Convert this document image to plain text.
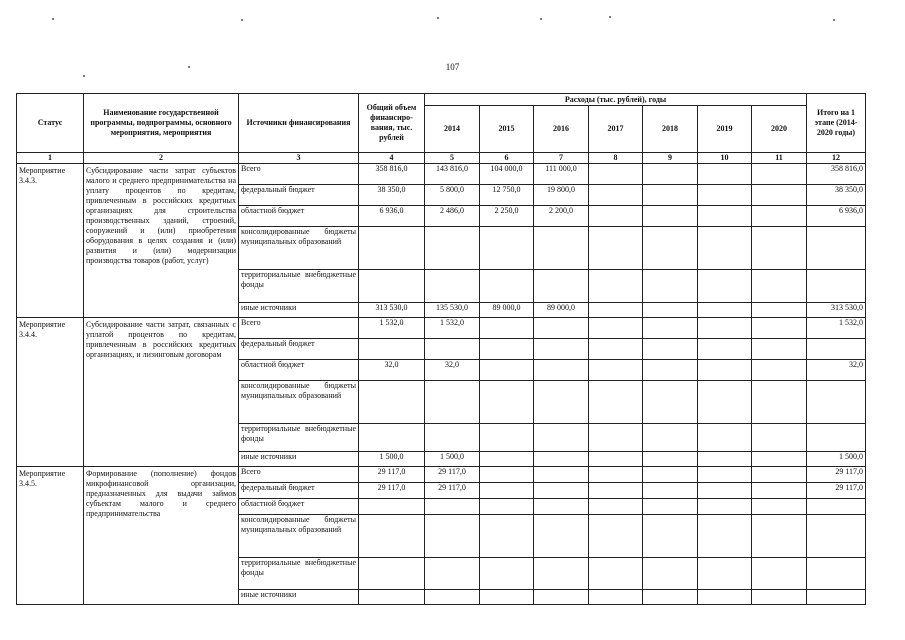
107
Статус	Наименование государственной программы, подпрограммы, основного мероприятия, мероприятия	Источники финансирования	Общий объем финансиро-вания, тыс. рублей	Расходы (тыс. рублей), годы							Итого на 1 этапе (2014-2020 годы)
				2014	2015	2016	2017	2018	2019	2020	
1	2	3	4	5	6	7	8	9	10	11	12
Мероприятие 3.4.3.	Субсидирование части затрат субъектов малого и среднего предпринимательства на уплату процентов по кредитам, привлеченным в российских кредитных организациях для строительства производственных зданий, строений, сооружений и (или) приобретения оборудования в целях создания и (или) развития и (или) модернизации производства товаров (работ, услуг)	Всего	358 816,0	143 816,0	104 000,0	111 000,0					358 816,0
		федеральный бюджет	38 350,0	5 800,0	12 750,0	19 800,0					38 350,0
		областной бюджет	6 936,0	2 486,0	2 250,0	2 200,0					6 936,0
		консолидированные бюджеты муниципальных образований									
		территориальные внебюджетные фонды									
		иные источники	313 530,0	135 530,0	89 000,0	89 000,0					313 530,0
Мероприятие 3.4.4.	Субсидирование части затрат, связанных с уплатой процентов по кредитам, привлеченным в российских кредитных организациях, и лизинговым договорам	Всего	1 532,0	1 532,0							1 532,0
		федеральный бюджет									
		областной бюджет	32,0	32,0							32,0
		консолидированные бюджеты муниципальных образований									
		территориальные внебюджетные фонды									
		иные источники	1 500,0	1 500,0							1 500,0
Мероприятие 3.4.5.	Формирование (пополнение) фондов микрофинансовой организации, предназначенных для выдачи займов субъектам малого и среднего предпринимательства	Всего	29 117,0	29 117,0							29 117,0
		федеральный бюджет	29 117,0	29 117,0							29 117,0
		областной бюджет									
		консолидированные бюджеты муниципальных образований									
		территориальные внебюджетные фонды									
		иные источники									
